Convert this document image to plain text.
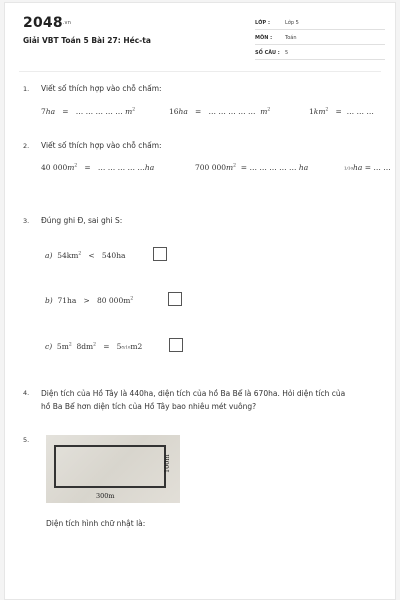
2048.vn
Giải VBT Toán 5 Bài 27: Héc-ta
LỚP :	Lớp 5
MÔN :	Toán
SỐ CÂU : 5
1. Viết số thích hợp vào chỗ chấm:
7ha = … … … … … $m^2$	16ha = … … … … … $m^2$	$1km^2$ = … … …
2. Viết số thích hợp vào chỗ chấm:
40 $000m^2$ = … … … … …ha	700 $000m^2$ = … … … … … ha	1/10ha = … …
3. Đúng ghi Đ, sai ghi S:
a) $54km^2 < 540ha$
b) 71ha > 80 $000m^2$
c) $5m^2$ $8dm^2 = 58/10m2$
4. Diện tích của Hồ Tây là 440ha, diện tích của hồ Ba Bể là 670ha. Hỏi diện tích của
hồ Ba Bể hơn diện tích của Hồ Tây bao nhiêu mét vuông?
5.
100m
300m
Diện tích hình chữ nhật là:
